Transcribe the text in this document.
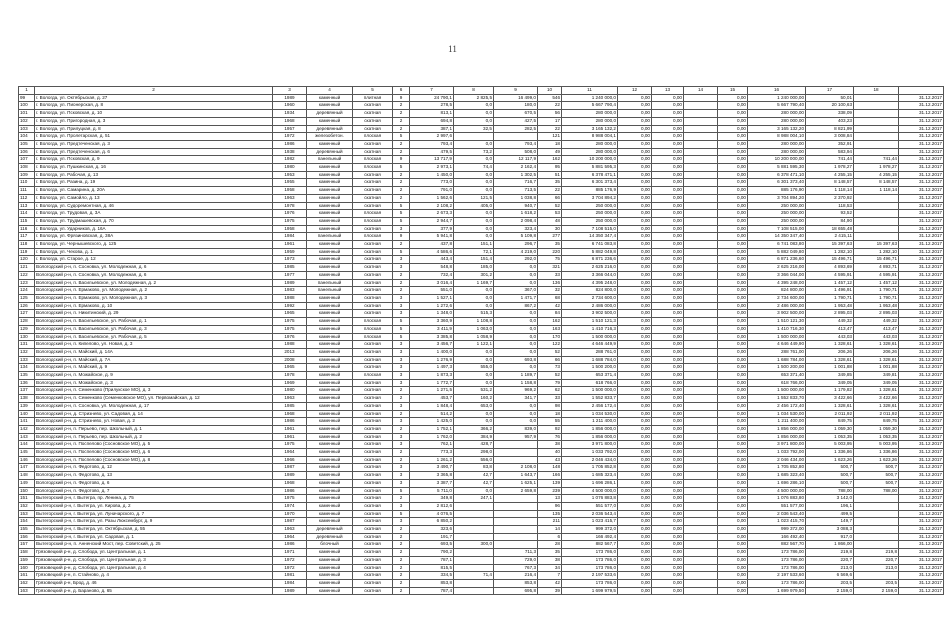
11
1	2	3	4	5	6	7	8	9	10	11	12	13	14	15	16	17	18	
99	г. Вологда, ул. Октябрьская, д. 27	1989	каменный	плитная	9	24 790,1	2 825,5	16 499,0	546	1 240 000,0	0,00	0,00		0,00	1 240 000,00	50,01		31.12.2017
100	г. Вологда, ул. Пионерская, д. 8	1960	каменный	скатная	2	278,5	0,0	180,0	22	5 667 790,4	0,00	0,00		0,00	5 667 790,40	20 100,63		31.12.2017
101	г. Вологда, ул. Псковская, д. 10	1934	деревянный	скатная	2	813,1	0,0	670,5	56	280 000,0	0,00	0,00		0,00	280 000,00	338,09		31.12.2017
102	г. Вологда, ул. Пригородная, д. 3	1968	каменный	скатная	2	694,8	0,0	427,5	17	280 000,0	0,00	0,00		0,00	280 000,00	403,23		31.12.2017
103	г. Вологда, ул. Прилуцкая, д. 8	1957	деревянный	скатная	2	387,1	32,5	282,5	22	3 165 132,2	0,00	0,00		0,00	3 165 132,20	8 821,99		31.12.2017
104	г. Вологда, ул. Пролетарская, д. 51	1972	железобетон.	плоская	5	2 997,6			121	8 988 004,1	0,00	0,00		0,00	8 988 004,10	3 008,84		31.12.2017
105	г. Вологда, ул. Предтеченская, д. 3	1986	каменный	скатная	2	793,4	0,0	793,4	18	280 000,0	0,00	0,00		0,00	280 000,00	352,91		31.12.2017
106	г. Вологда, ул. Предтеченская, д. 6	1938	деревянный	скатная	2	479,5	73,2	508,0	49	280 000,0	0,00	0,00		0,00	280 000,00	583,94		31.12.2017
107	г. Вологда, ул. Псковская, д. 9	1982	панельный	плоская	9	13 717,9	0,0	12 117,9	162	10 200 000,0	0,00	0,00		0,00	10 200 000,00	741,44	741,44	31.12.2017
108	г. Вологда, ул. Пушкинская, д. 16	1980	каменный	плоская	5	2 973,1	74,4	2 162,4	95	5 881 595,3	0,00	0,00		0,00	5 881 595,30	1 978,27	1 978,27	31.12.2017
109	г. Вологда, ул. Рабочая, д. 13	1953	каменный	скатная	2	1 450,0	0,0	1 302,5	51	6 378 471,1	0,00	0,00		0,00	6 378 471,10	4 255,15	4 255,15	31.12.2017
110	г. Вологда, ул. Разина, д. 19	1955	каменный	скатная	2	773,0	0,0	716,7	35	6 301 373,4	0,00	0,00		0,00	6 301 373,40	8 148,57	8 148,57	31.12.2017
111	г. Вологда, ул. Самарина, д. 20А	1958	каменный	скатная	2	791,0	0,0	713,5	22	885 176,9	0,00	0,00		0,00	885 176,90	1 118,14	1 118,14	31.12.2017
112	г. Вологда, ул. Самойло, д. 13	1963	каменный	скатная	2	1 562,6	121,5	1 038,8	66	3 704 894,2	0,00	0,00		0,00	3 704 894,20	2 370,92		31.12.2017
113	г. Вологда, ул. Судоремонтная, д. 46	1978	каменный	скатная	5	2 108,2	405,0	940,7	52	250 000,0	0,00	0,00		0,00	250 000,00	118,53		31.12.2017
114	г. Вологда, ул. Трудовая, д. 3А	1976	каменный	плоская	5	2 673,3	0,0	1 618,2	53	250 000,0	0,00	0,00		0,00	250 000,00	93,52		31.12.2017
115	г. Вологда, ул. Трудмашевская, д. 70	1975	каменный	плоская	5	2 944,7	0,0	2 098,4	48	250 000,0	0,00	0,00		0,00	250 000,00	84,90		31.12.2017
116	г. Вологда, ул. Ударников, д. 16А	1958	каменный	скатная	3	377,9	0,0	323,4	30	7 108 515,0	0,00	0,00		0,00	7 108 515,00	18 655,48		31.12.2017
117	г. Вологда, ул. Фрязиновская, д. 38А	1984	панельный	плоская	9	5 941,8	0,0	5 109,8	277	14 350 347,4	0,00	0,00		0,00	14 350 347,40	2 415,11		31.12.2017
118	г. Вологда, ул. Чернышевского, д. 125	1961	каменный	скатная	2	437,8	151,1	296,7	35	6 741 083,8	0,00	0,00		0,00	6 741 083,80	15 397,63	15 397,63	31.12.2017
119	г. Вологда, ул. Чехова, д. 1	1959	каменный	скатная	5	4 586,6	72,1	4 219,0	220	5 882 049,8	0,00	0,00		0,00	5 882 049,80	1 282,10	1 282,10	31.12.2017
120	г. Вологда, ул. Старое, д. 12	1973	каменный	скатная	3	443,4	151,4	292,0	75	6 871 236,6	0,00	0,00		0,00	6 871 236,60	15 496,71	15 496,71	31.12.2017
121	Вологодский р-н, п. Сосновка, ул. Молодежная, д. 6	1985	каменный	скатная	3	548,8	185,0	0,0	321	2 625 216,0	0,00	0,00		0,00	2 625 216,00	4 893,69	4 893,71	31.12.2017
122	Вологодский р-н, п. Сосновка, ул. Молодежная, д. 6	1977	каменный	скатная	2	732,4	301,2	0,0	33	3 366 044,0	0,00	0,00		0,00	3 366 044,00	4 595,91	4 595,91	31.12.2017
123	Вологодский р-н, п. Васильевское, ул. Молодежная, д. 2	1989	панельный	скатная	2	3 016,4	1 169,7	0,0	136	4 395 248,0	0,00	0,00		0,00	4 395 248,00	1 457,12	1 457,12	31.12.2017
124	Вологодский р-н, п. Ермаково, ул. Молодежная, д. 2	1983	панельный	скатная	2	551,0	0,0	367,0	32	824 800,0	0,00	0,00		0,00	824 800,00	1 496,91	1 790,71	31.12.2017
125	Вологодский р-н, п. Ермаково, ул. Молодежная, д. 3	1988	каменный	скатная	3	1 527,1	0,0	1 471,7	68	2 734 600,0	0,00	0,00		0,00	2 734 600,00	1 790,71	1 790,71	31.12.2017
126	Вологодский р-н, п. Ермаково, д. 10	1992	каменный	скатная	3	1 272,6	0,0	867,2	42	2 486 000,0	0,00	0,00		0,00	2 486 000,00	1 953,48	1 953,48	31.12.2017
127	Вологодский р-н, п. Никитинский, д. 29	1965	каменный	скатная	3	1 348,0	515,3	0,0	84	3 902 500,0	0,00	0,00		0,00	3 902 500,00	2 895,03	2 895,03	31.12.2017
128	Вологодский р-н, п. Васильевское, ул. Рабочая, д. 1	1975	каменный	плоская	5	3 360,9	1 108,8	0,0	162	1 510 121,3	0,00	0,00		0,00	1 510 121,30	449,32	449,32	31.12.2017
129	Вологодский р-н, п. Васильевское, ул. Рабочая, д. 3	1975	каменный	плоская	5	3 411,9	1 063,0	0,0	163	1 410 716,3	0,00	0,00		0,00	1 410 716,30	413,47	413,47	31.12.2017
130	Вологодский р-н, п. Васильевское, ул. Рабочая, д. 5	1976	каменный	плоская	5	3 385,8	1 058,9	0,0	170	1 500 000,0	0,00	0,00		0,00	1 500 000,00	443,03	443,03	31.12.2017
131	Вологодский р-н, п. Кипелово, ул. Новая, д. 3	1988	каменный	скатная	3	3 456,7	1 122,1	0,0	122	4 646 449,9	0,00	0,00		0,00	4 646 449,90	1 328,61	1 328,61	31.12.2017
132	Вологодский р-н, п. Майский, д. 14А	2013	каменный	скатная	3	1 400,0	0,0	0,0	52	288 761,0	0,00	0,00		0,00	288 761,00	206,26	206,26	31.12.2017
133	Вологодский р-н, п. Майский, д. 7А	2008	каменный	скатная	3	1 276,9	0,0	693,8	66	1 688 784,0	0,00	0,00		0,00	1 688 784,00	1 328,61	1 328,61	31.12.2017
134	Вологодский р-н, п. Майский, д. 9	1965	каменный	скатная	3	1 497,3	555,0	0,0	73	1 500 200,0	0,00	0,00		0,00	1 500 200,00	1 001,88	1 001,88	31.12.2017
135	Вологодский р-н, п. Можайское, д. 9	1978	каменный	плоская	3	1 873,3	0,0	1 189,7	52	653 371,4	0,00	0,00		0,00	653 371,40	349,85	349,81	31.12.2017
136	Вологодский р-н, п. Можайское, д. 3	1969	каменный	скатная	3	1 772,7	0,0	1 158,8	79	618 766,0	0,00	0,00		0,00	618 766,00	349,05	349,05	31.12.2017
137	Вологодский р-н, п. Семенково (Прилукское МО), д. 3	1980	каменный	скатная	2	1 271,5	531,2	969,2	62	1 500 000,0	0,00	0,00		0,00	1 500 000,00	1 179,82	1 328,61	31.12.2017
138	Вологодский р-н, п. Семенково (Семенковское МО), ул. Первомайская, д. 12	1963	каменный	скатная	2	453,7	160,2	341,7	33	1 552 833,7	0,00	0,00		0,00	1 552 833,70	3 422,66	3 422,66	31.12.2017
139	Вологодский р-н, п. Сосновка, ул. Молодежная, д. 17	1985	каменный	скатная	3	1 848,4	653,0	0,0	98	2 456 172,4	0,00	0,00		0,00	2 456 172,40	1 328,61	1 328,61	31.12.2017
140	Вологодский р-н, д. Стризнево, ул. Садовая, д. 14	1968	каменный	скатная	2	514,2	0,0	0,0	18	1 034 530,0	0,00	0,00		0,00	1 034 530,00	2 011,92	2 011,92	31.12.2017
141	Вологодский р-н, д. Стризнево, ул. Новая, д. 2	1986	каменный	скатная	3	1 425,0	0,0	0,0	55	1 211 400,0	0,00	0,00		0,00	1 211 400,00	849,75	849,75	31.12.2017
142	Вологодский р-н, п. Перьево, пер. Школьный, д. 1	1961	каменный	скатная	2	1 752,1	366,2	839,0	92	1 856 000,0	0,00	0,00		0,00	1 856 000,00	1 059,30	1 059,30	31.12.2017
143	Вологодский р-н, п. Перьево, пер. Школьный, д. 2	1961	каменный	скатная	3	1 762,0	384,9	957,9	76	1 856 000,0	0,00	0,00		0,00	1 856 000,00	1 053,35	1 053,35	31.12.2017
144	Вологодский р-н, п. Поспелово (Сосновское МО), д. 5	1975	каменный	скатная	3	762,1	428,7		38	3 971 800,0	0,00	0,00		0,00	3 971 800,00	5 003,95	5 003,95	31.12.2017
145	Вологодский р-н, п. Поспелово (Сосновское МО), д. 6	1964	каменный	скатная	2	773,3	298,0		40	1 033 792,0	0,00	0,00		0,00	1 033 792,00	1 336,86	1 336,86	31.12.2017
146	Вологодский р-н, п. Поспелово (Сосновское МО), д. 8	1966	каменный	скатная	2	1 261,2	556,0		43	2 046 434,0	0,00	0,00		0,00	2 046 434,00	1 623,26	1 623,26	31.12.2017
147	Вологодский р-н, п. Федотово, д. 12	1987	каменный	скатная	3	3 490,7	83,8	2 108,0	148	1 705 852,8	0,00	0,00		0,00	1 705 852,80	500,7	500,7	31.12.2017
148	Вологодский р-н, п. Федотово, д. 13	1989	каменный	скатная	3	3 365,8	42,7	1 643,7	166	1 685 323,4	0,00	0,00		0,00	1 685 323,40	500,7	500,7	31.12.2017
149	Вологодский р-н, п. Федотово, д. 6	1968	каменный	скатная	3	3 387,7	42,7	1 625,1	139	1 696 286,1	0,00	0,00		0,00	1 696 286,10	500,7	500,7	31.12.2017
150	Вологодский р-н, п. Федотово, д. 7	1986	каменный	скатная	5	5 711,0	0,0	2 659,8	239	4 500 000,0	0,00	0,00		0,00	4 500 000,00	788,00	788,00	31.12.2017
151	Вытегорский р-н, г. Вытегра, пр. Ленина, д. 75	1975	каменный	скатная	2	349,8	247,1		13	1 076 883,8	0,00	0,00		0,00	1 076 883,80	3 142,0		31.12.2017
152	Вытегорский р-н, г. Вытегра, ул. Кирова, д. 2	1974	каменный	скатная	3	2 812,6			96	551 577,0	0,00	0,00		0,00	551 577,00	196,1		31.12.2017
153	Вытегорский р-н, г. Вытегра, ул. Луначарского, д. 7	1970	каменный	скатная	5	4 076,5			135	2 036 543,4	0,00	0,00		0,00	2 036 543,40	499,5		31.12.2017
154	Вытегорский р-н, г. Вытегра, ул. Разы Люксембург, д. 9	1987	каменный	скатная	3	6 850,2			211	1 023 415,7	0,00	0,00		0,00	1 023 415,70	149,7		31.12.2017
155	Вытегорский р-н, г. Вытегра, ул. Октябрьская, д. 55	1963	деревянный	скатная	2	323,6			14	999 372,0	0,00	0,00		0,00	999 372,00	3 088,3		31.12.2017
156	Вытегорский р-н, г. Вытегра, ул. Садовая, д. 1	1964	деревянный	скатная	2	191,7			6	166 492,4	0,00	0,00		0,00	166 492,40	917,0		31.12.2017
157	Вытегорский р-н, п. Анненский Мост, пер. Советский, д. 25	1986	блочный	скатная	2	693,5	300,0		28	882 567,7	0,00	0,00		0,00	882 567,70	1 866,00		31.12.2017
158	Грязовецкий р-н, д. Слобода, ул. Центральная, д. 1	1971	каменный	скатная	2	790,2		711,3	35	173 786,0	0,00	0,00		0,00	173 786,00	219,8	219,8	31.12.2017
159	Грязовецкий р-н, д. Слобода, ул. Центральная, д. 3	1972	каменный	скатная	2	787,1		729,0	38	173 786,0	0,00	0,00		0,00	173 786,00	220,7	220,7	31.12.2017
160	Грязовецкий р-н, д. Слобода, ул. Центральная, д. 4	1972	каменный	скатная	2	815,5		767,3	34	173 786,0	0,00	0,00		0,00	173 786,00	213,0	213,0	31.12.2017
161	Грязовецкий р-н, п. Стайново, д. 4	1981	каменный	скатная	2	334,5	71,4	216,4	7	2 197 533,6	0,00	0,00		0,00	2 197 533,60	6 569,6		31.12.2017
162	Грязовецкий р-н, Брод, д. 46	1984	каменный	скатная	2	853,8		853,8	42	173 786,0	0,00	0,00		0,00	173 786,00	203,5	203,5	31.12.2017
163	Грязовецкий р-н, д. Бараново, д. 65	1989	каменный	скатная	2	787,4		695,8	39	1 699 979,5	0,00	0,00		0,00	1 699 979,50	2 159,0	2 159,0	31.12.2017
